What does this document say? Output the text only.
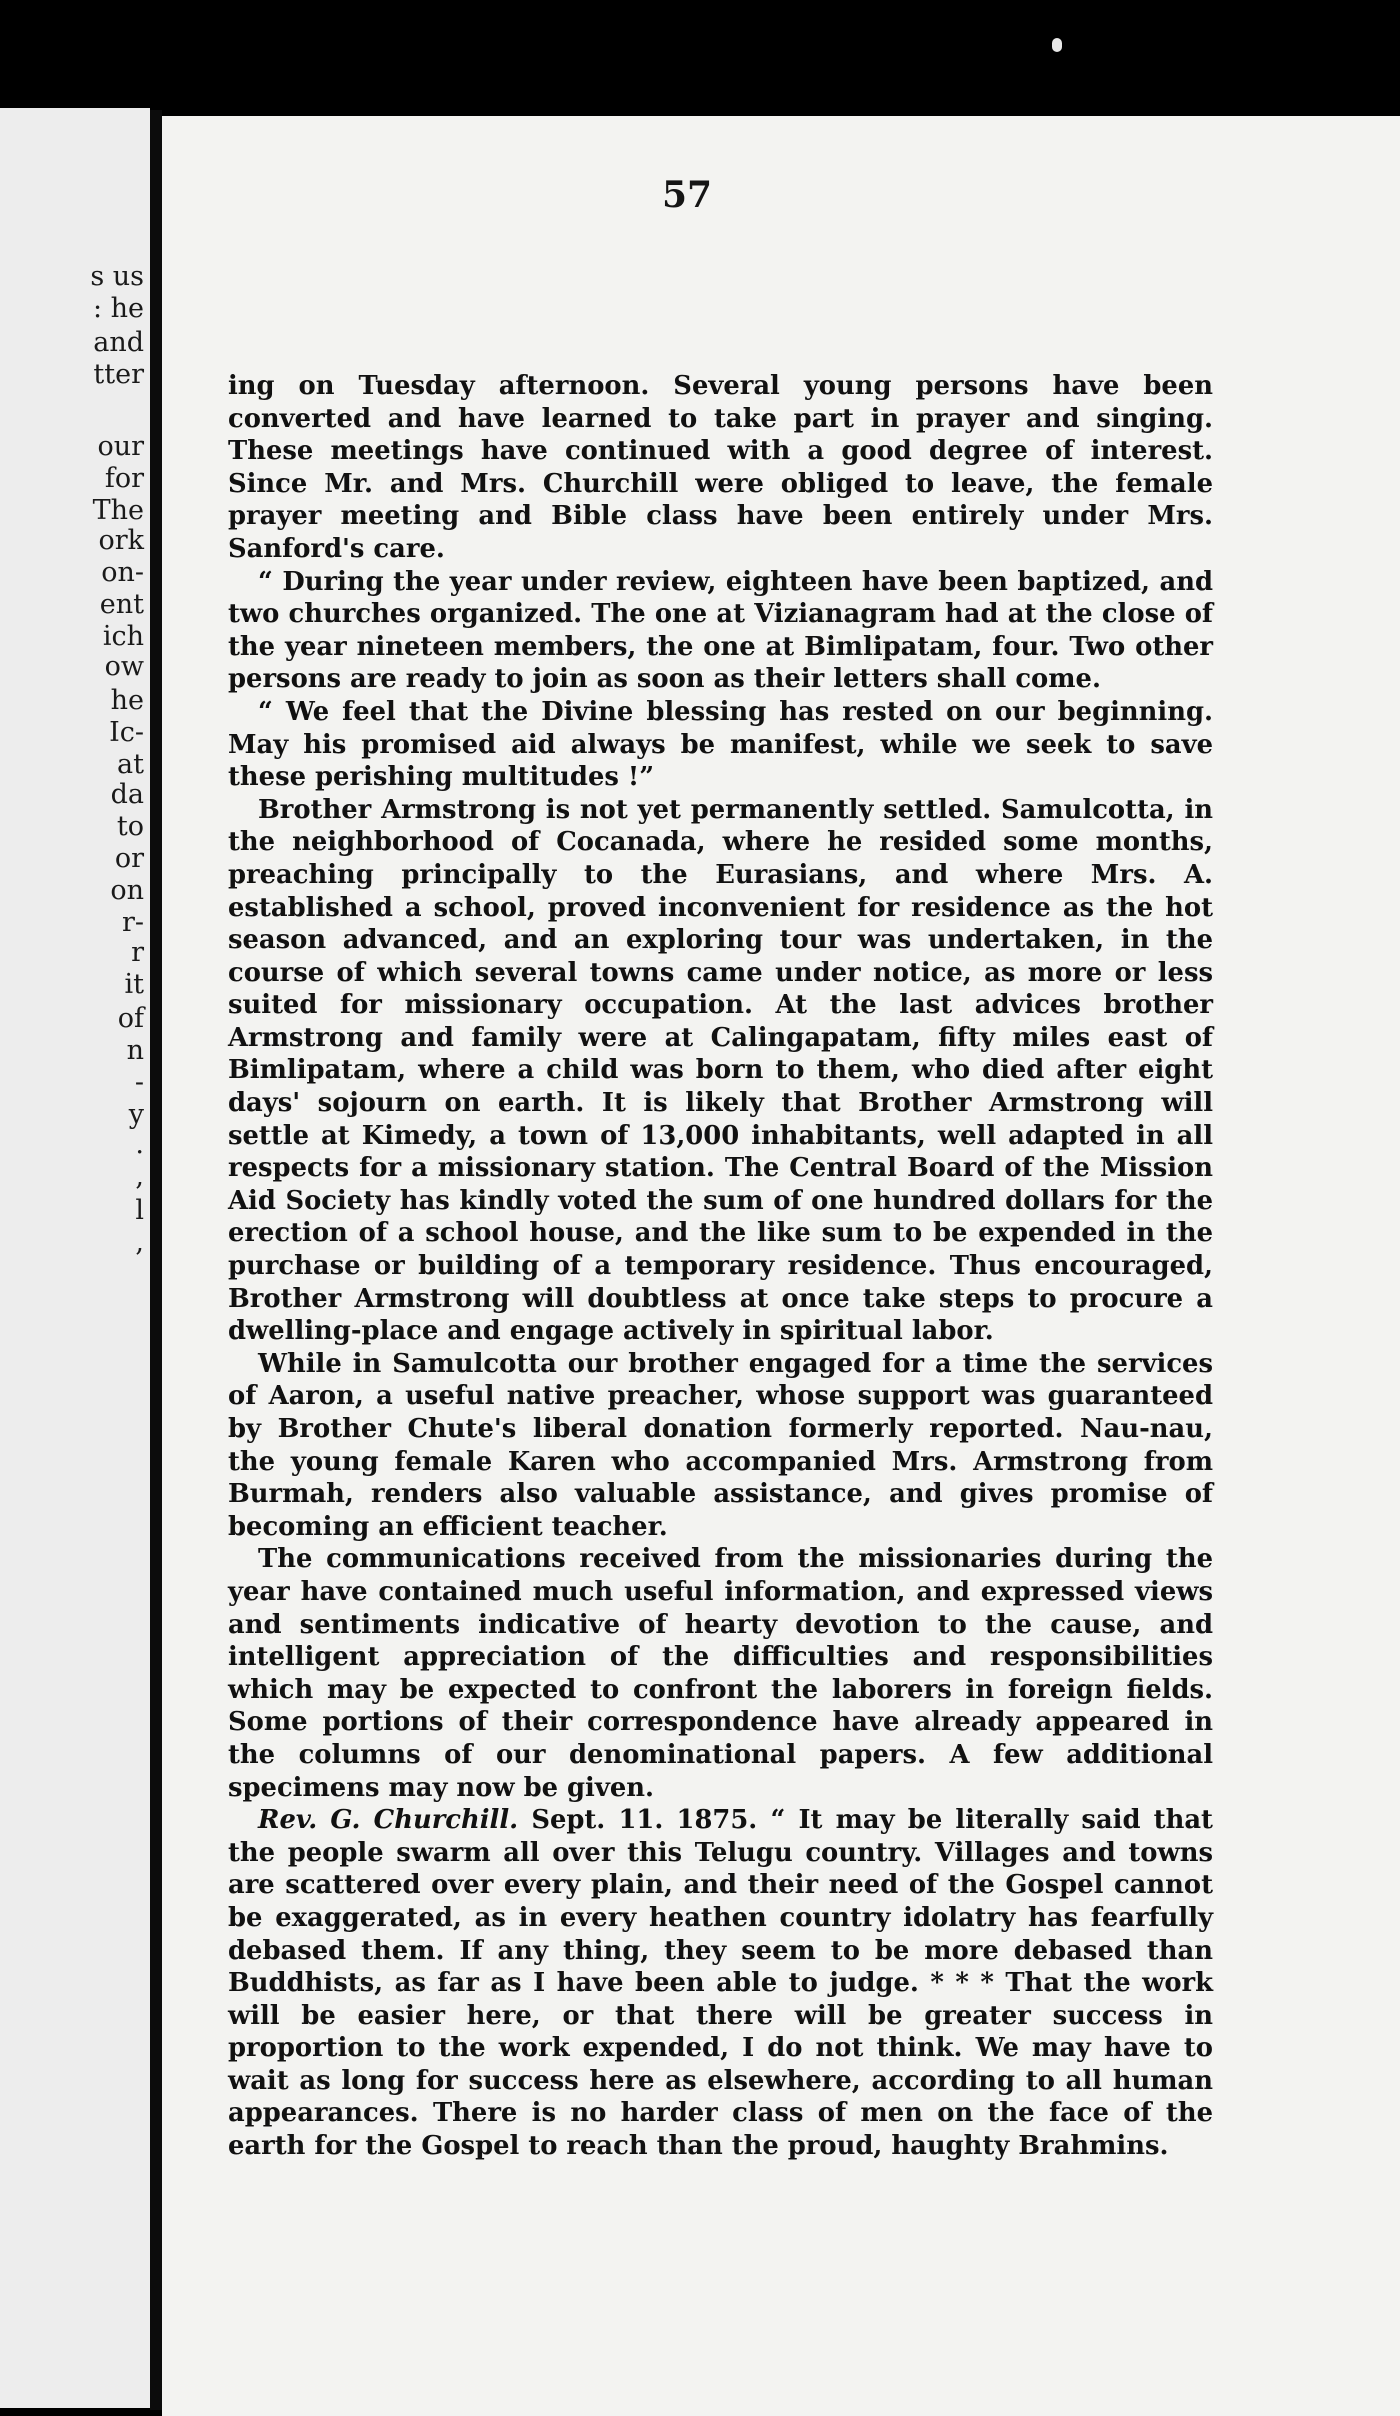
s us

: he

and

tter

our

for

The

ork

on-

ent

ich

ow

he

Ic-

at

da

to

or

on

r-

r

it

of

n

-

y

.

,

l

,

57

ing on Tuesday afternoon. Several young persons have been converted and have learned to take part in prayer and singing. These meetings have continued with a good degree of interest. Since Mr. and Mrs. Churchill were obliged to leave, the female prayer meeting and Bible class have been entirely under Mrs. Sanford's care.

“ During the year under review, eighteen have been baptized, and two churches organized. The one at Vizianagram had at the close of the year nineteen members, the one at Bimlipatam, four. Two other persons are ready to join as soon as their letters shall come.

“ We feel that the Divine blessing has rested on our beginning. May his promised aid always be manifest, while we seek to save these perishing multitudes !”

Brother Armstrong is not yet permanently settled. Samulcotta, in the neighborhood of Cocanada, where he resided some months, preaching principally to the Eurasians, and where Mrs. A. established a school, proved inconvenient for residence as the hot season advanced, and an exploring tour was undertaken, in the course of which several towns came under notice, as more or less suited for missionary occupation. At the last advices brother Armstrong and family were at Calingapatam, fifty miles east of Bimlipatam, where a child was born to them, who died after eight days' sojourn on earth. It is likely that Brother Armstrong will settle at Kimedy, a town of 13,000 inhabitants, well adapted in all respects for a missionary station. The Central Board of the Mission Aid Society has kindly voted the sum of one hundred dollars for the erection of a school house, and the like sum to be expended in the purchase or building of a temporary residence. Thus encouraged, Brother Armstrong will doubtless at once take steps to procure a dwelling-place and engage actively in spiritual labor.

While in Samulcotta our brother engaged for a time the services of Aaron, a useful native preacher, whose support was guaranteed by Brother Chute's liberal donation formerly reported. Nau-nau, the young female Karen who accompanied Mrs. Armstrong from Burmah, renders also valuable assistance, and gives promise of becoming an efficient teacher.

The communications received from the missionaries during the year have contained much useful information, and expressed views and sentiments indicative of hearty devotion to the cause, and intelligent appreciation of the difficulties and responsibilities which may be expected to confront the laborers in foreign fields. Some portions of their correspondence have already appeared in the columns of our denominational papers. A few additional specimens may now be given.

Rev. G. Churchill. Sept. 11. 1875. “ It may be literally said that the people swarm all over this Telugu country. Villages and towns are scattered over every plain, and their need of the Gospel cannot be exaggerated, as in every heathen country idolatry has fearfully debased them. If any thing, they seem to be more debased than Buddhists, as far as I have been able to judge. * * * That the work will be easier here, or that there will be greater success in proportion to the work expended, I do not think. We may have to wait as long for success here as elsewhere, according to all human appearances. There is no harder class of men on the face of the earth for the Gospel to reach than the proud, haughty Brahmins.
